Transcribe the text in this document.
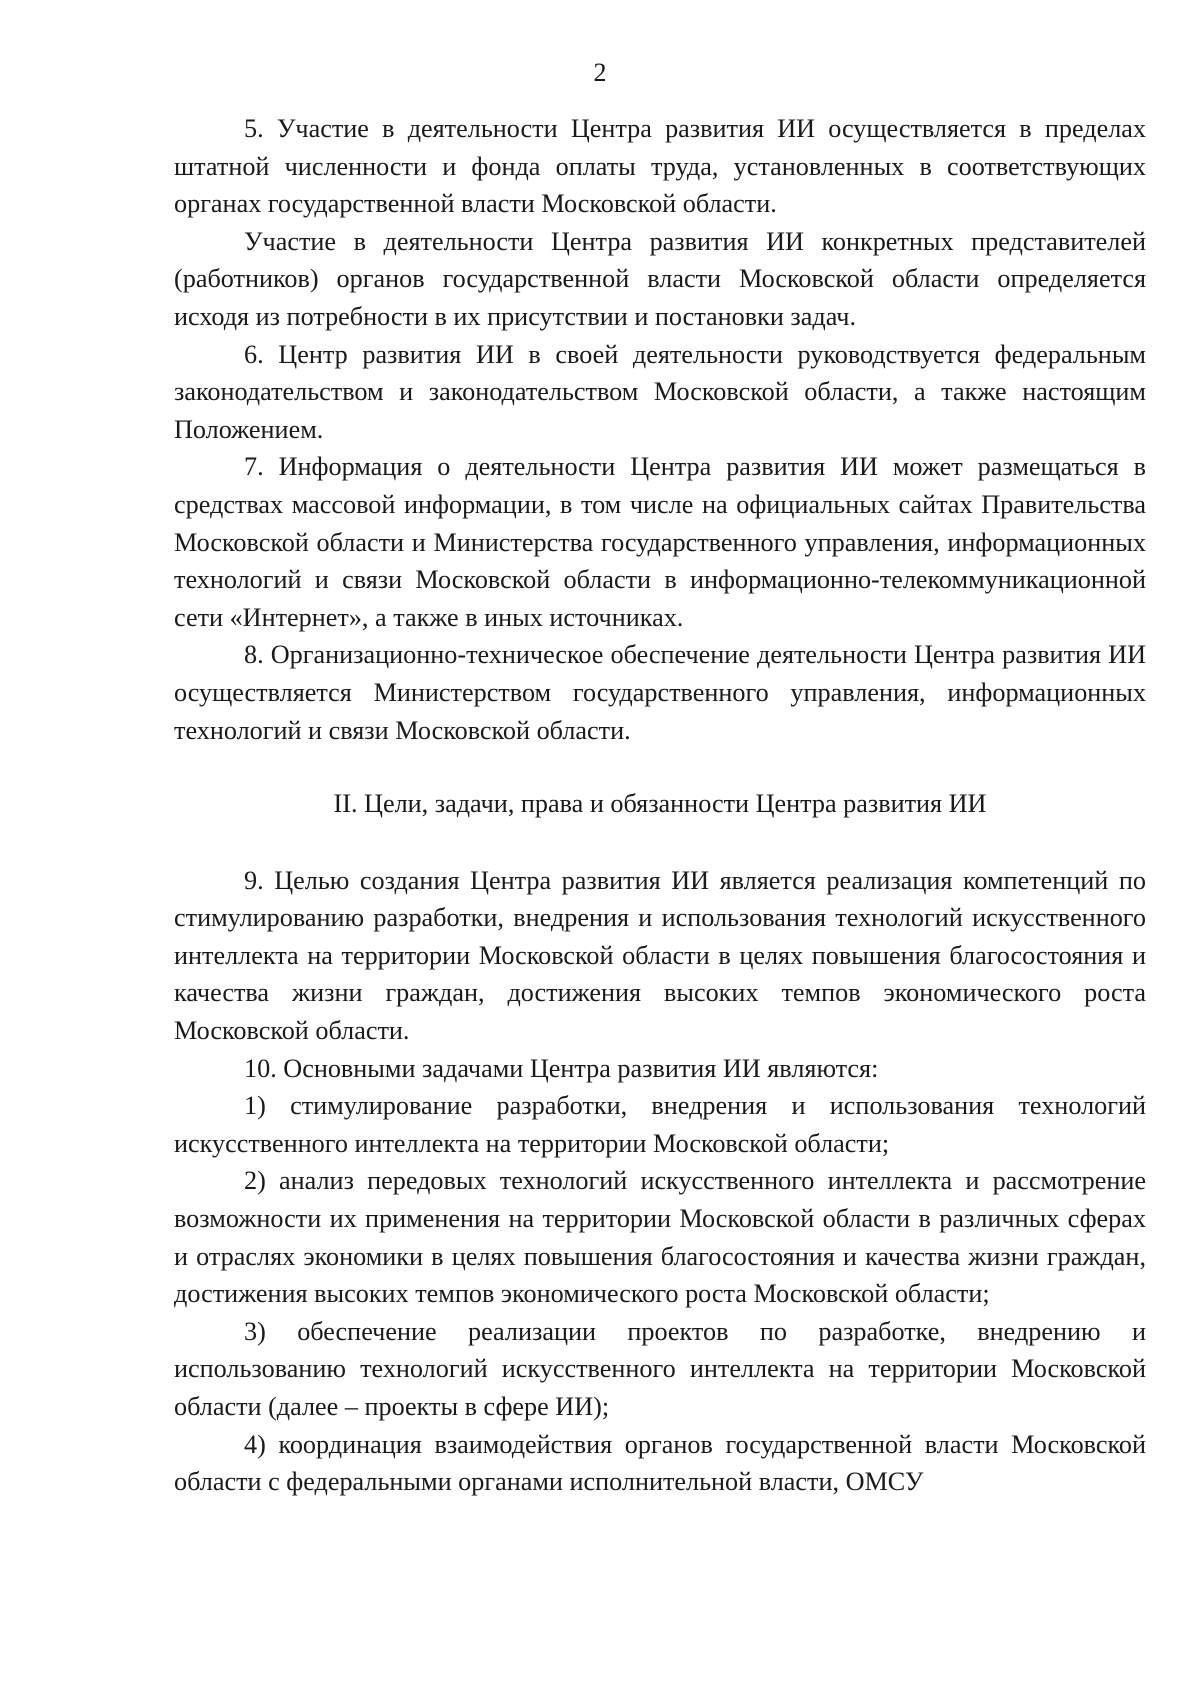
2

5. Участие в деятельности Центра развития ИИ осуществляется в пределах штатной численности и фонда оплаты труда, установленных в соответствующих органах государственной власти Московской области.

Участие в деятельности Центра развития ИИ конкретных представителей (работников) органов государственной власти Московской области определяется исходя из потребности в их присутствии и постановки задач.

6. Центр развития ИИ в своей деятельности руководствуется федеральным законодательством и законодательством Московской области, а также настоящим Положением.

7. Информация о деятельности Центра развития ИИ может размещаться в средствах массовой информации, в том числе на официальных сайтах Правительства Московской области и Министерства государственного управления, информационных технологий и связи Московской области в информационно-телекоммуникационной сети «Интернет», а также в иных источниках.

8. Организационно-техническое обеспечение деятельности Центра развития ИИ осуществляется Министерством государственного управления, информационных технологий и связи Московской области.

II. Цели, задачи, права и обязанности Центра развития ИИ

9. Целью создания Центра развития ИИ является реализация компетенций по стимулированию разработки, внедрения и использования технологий искусственного интеллекта на территории Московской области в целях повышения благосостояния и качества жизни граждан, достижения высоких темпов экономического роста Московской области.

10. Основными задачами Центра развития ИИ являются:

1) стимулирование разработки, внедрения и использования технологий искусственного интеллекта на территории Московской области;

2) анализ передовых технологий искусственного интеллекта и рассмотрение возможности их применения на территории Московской области в различных сферах и отраслях экономики в целях повышения благосостояния и качества жизни граждан, достижения высоких темпов экономического роста Московской области;

3) обеспечение реализации проектов по разработке, внедрению и использованию технологий искусственного интеллекта на территории Московской области (далее – проекты в сфере ИИ);

4) координация взаимодействия органов государственной власти Московской области с федеральными органами исполнительной власти, ОМСУ
